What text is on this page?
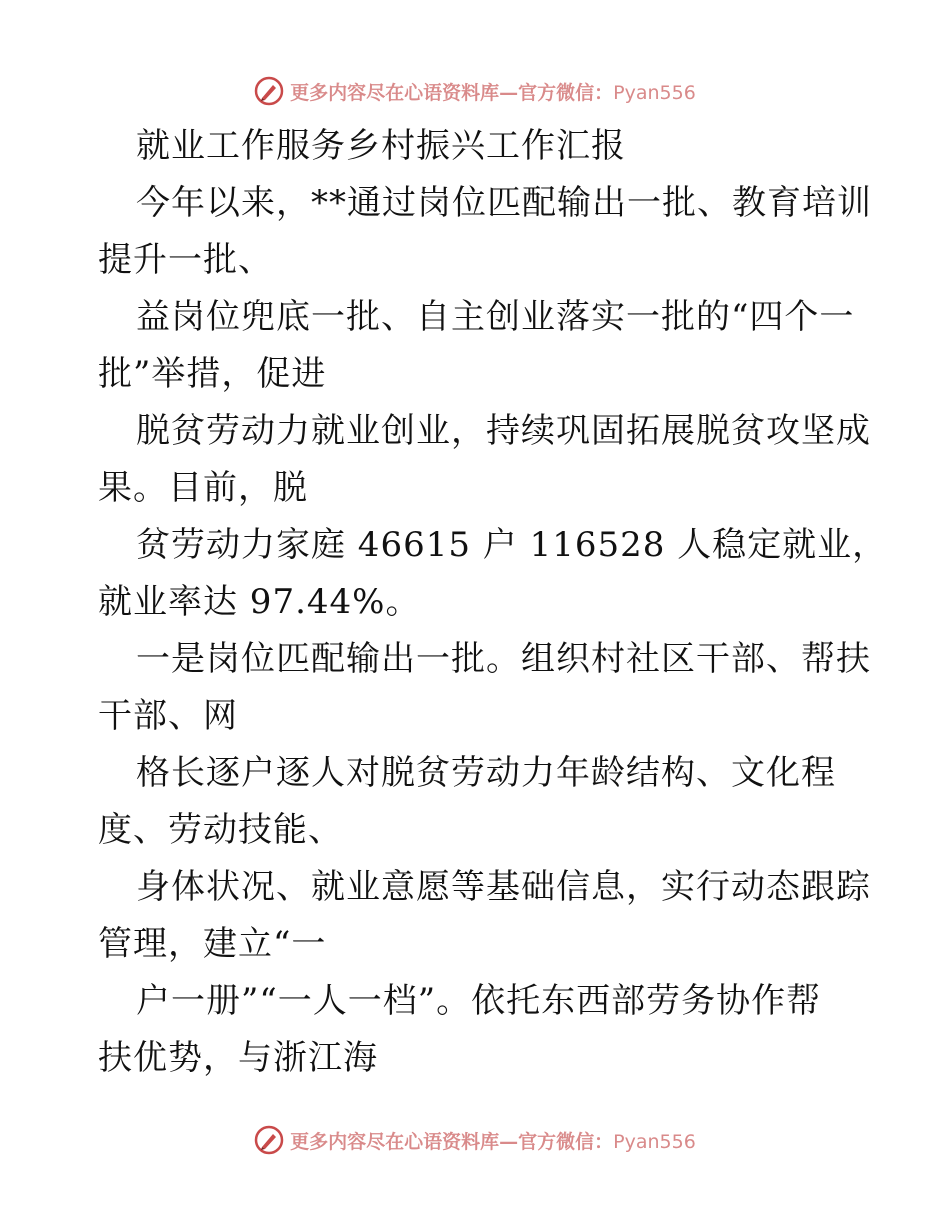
更多内容尽在心语资料库—官方微信：Pyan556
就业工作服务乡村振兴工作汇报
今年以来，**通过岗位匹配输出一批、教育培训
提升一批、
益岗位兜底一批、自主创业落实一批的“四个一
批”举措，促进
脱贫劳动力就业创业，持续巩固拓展脱贫攻坚成
果。目前，脱
贫劳动力家庭 46615 户 116528 人稳定就业，
就业率达 97.44%。
一是岗位匹配输出一批。组织村社区干部、帮扶
干部、网
格长逐户逐人对脱贫劳动力年龄结构、文化程
度、劳动技能、
身体状况、就业意愿等基础信息，实行动态跟踪
管理，建立“一
户一册”“一人一档”。依托东西部劳务协作帮
扶优势，与浙江海
更多内容尽在心语资料库—官方微信：Pyan556
